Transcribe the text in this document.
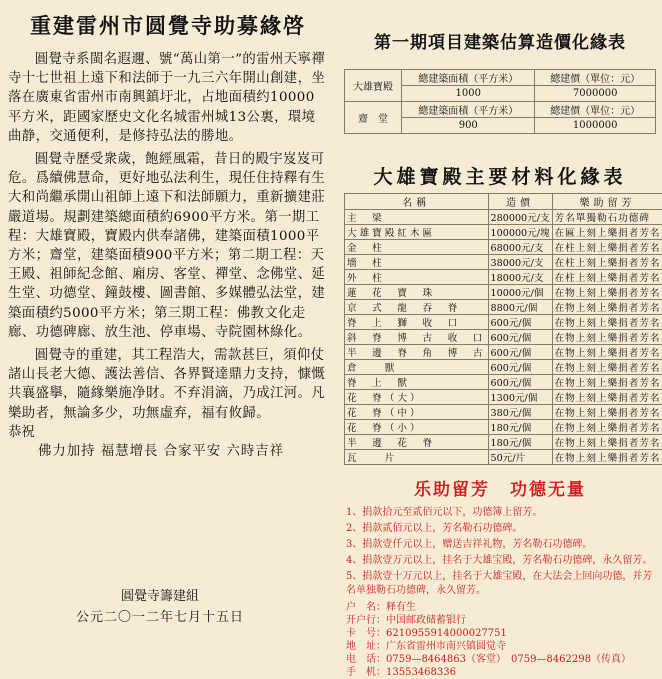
重建雷州市圆覺寺助募緣啓

圓覺寺系閩名遐邇、號“萬山第一”的雷州天寧禪寺十七世祖上遠下和法師于一九三六年開山創建，坐落在廣東省雷州市南興鎮圩北，占地面積约10000平方米，距國家歷史文化名城雷州城13公裏，環境曲静，交通便利，是修持弘法的勝地。

圓覺寺歷受衆歲，飽經風霜，昔日的殿宇岌岌可危。爲續佛慧命，更好地弘法利生，現任住持釋有生大和尚繼承開山祖師上遠下和法師願力，重新擴建莊嚴道場。規劃建築總面積約6900平方米。第一期工程：大雄寶殿，寶殿内供奉諸佛，建築面積1000平方米；齋堂，建築面積900平方米；第二期工程：天王殿、祖師紀念館、廂房、客堂、禪堂、念佛堂、延生堂、功德堂、鐘鼓樓、圖書館、多媒體弘法堂，建築面積约5000平方米；第三期工程：佛教文化走廊、功德碑廊、放生池、停車場、寺院園林綠化。

圓覺寺的重建，其工程浩大，需款甚巨，須仰仗諸山長老大德、護法善信、各界賢達鼎力支持，慷慨共襄盛擧，隨緣樂施净財。不弃涓滴，乃成江河。凡樂助者，無論多少，功無虛弃，福有攸歸。

恭祝

佛力加持 福慧增長 合家平安 六時吉祥

圓覺寺籌建組
公元二〇一二年七月十五日
第一期項目建築估算造價化緣表
大雄寶殿	總建築面積（平方米）	總建價（單位：元）
	1000	7000000
齋　堂	總建築面積（平方米）	總建價（單位：元）
	900	1000000
大雄寶殿主要材料化緣表
名稱	造價	樂助留芳
主　梁	280000元/支	芳名單獨勒石功德碑
大雄寶殿紅木匾	100000元/塊	在匾上刻上樂捐者芳名
金　柱	68000元/支	在柱上刻上樂捐者芳名
墻　柱	38000元/支	在柱上刻上樂捐者芳名
外　柱	18000元/支	在柱上刻上樂捐者芳名
蓮　花　寶　珠	10000元/個	在物上刻上樂捐者芳名
京　式　龍　吞　脊	8800元/個	在物上刻上樂捐者芳名
脊　上　獅　收　口	600元/個	在物上刻上樂捐者芳名
斜　脊　博　古　收　口	600元/個	在物上刻上樂捐者芳名
半　邊　脊　角　博　古	600元/個	在物上刻上樂捐者芳名
倉　　獸	600元/個	在物上刻上樂捐者芳名
脊　上　獸	600元/個	在物上刻上樂捐者芳名
花　脊（大）	1300元/個	在物上刻上樂捐者芳名
花　脊（中）	380元/個	在物上刻上樂捐者芳名
花　脊（小）	180元/個	在物上刻上樂捐者芳名
半　邊　花　脊	180元/個	在物上刻上樂捐者芳名
瓦　　片	50元/片	在物上刻上樂捐者芳名
乐助留芳 功德无量
1、捐款拾元至贰佰元以下，功德簿上留芳。
2、捐款贰佰元以上，芳名勒石功德碑。
3、捐款壹仟元以上，赠送吉祥礼物，芳名勒石功德碑。
4、捐款壹万元以上，挂名于大雄宝殿，芳名勒石功德碑，永久留芳。
5、捐款壹十万元以上，挂名于大雄宝殿，在大法会上回向功德，并芳名单独勒石功德碑，永久留芳。
户　名：释有生
开户行：中国邮政储蓄银行
卡　号：6210955914000027751
地　址：广东省雷州市南兴镇圆觉寺
电　话：0759—8464863（客堂）　0759—8462298（传真）
手　机：13553468336
